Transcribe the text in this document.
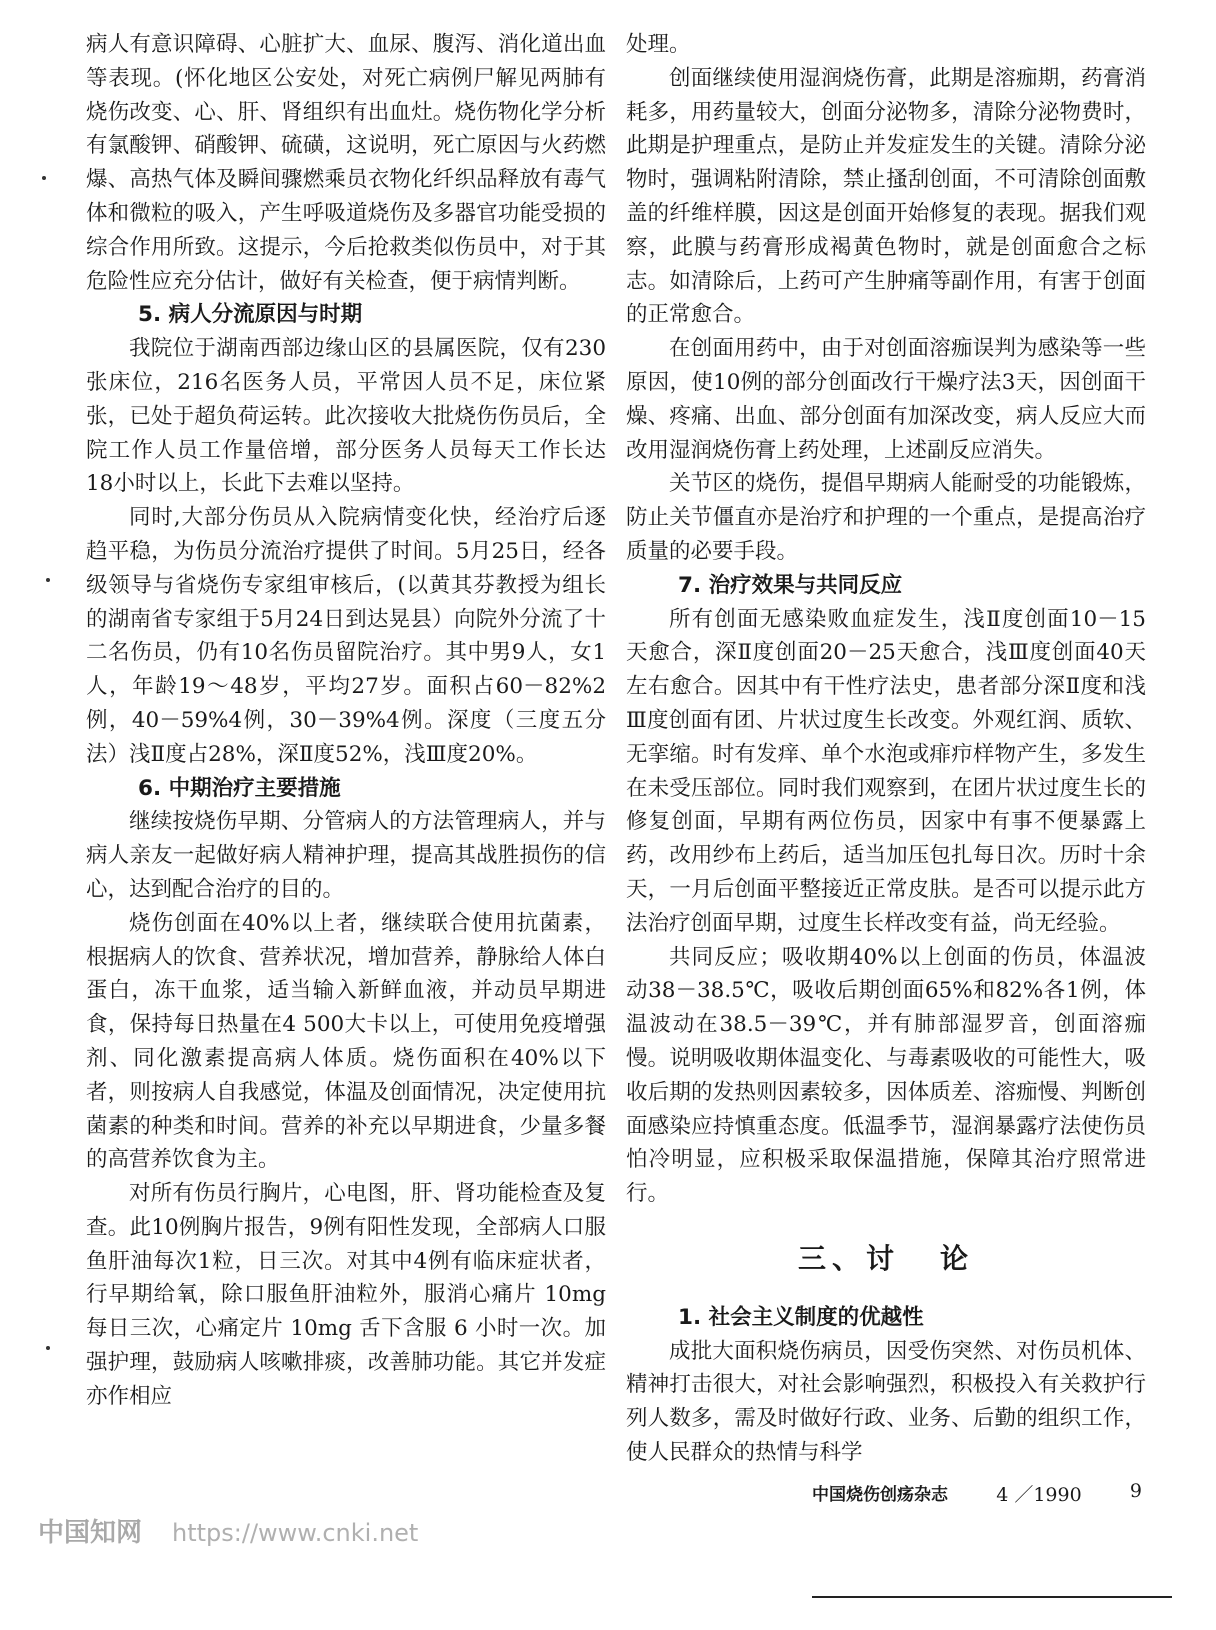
病人有意识障碍、心脏扩大、血尿、腹泻、消化道出血等表现。(怀化地区公安处，对死亡病例尸解见两肺有烧伤改变、心、肝、肾组织有出血灶。烧伤物化学分析有氯酸钾、硝酸钾、硫磺，这说明，死亡原因与火药燃爆、高热气体及瞬间骤燃乘员衣物化纤织品释放有毒气体和微粒的吸入，产生呼吸道烧伤及多器官功能受损的综合作用所致。这提示，今后抢救类似伤员中，对于其危险性应充分估计，做好有关检查，便于病情判断。

5. 病人分流原因与时期

我院位于湖南西部边缘山区的县属医院，仅有230张床位，216名医务人员，平常因人员不足，床位紧张，已处于超负荷运转。此次接收大批烧伤伤员后，全院工作人员工作量倍增，部分医务人员每天工作长达18小时以上，长此下去难以坚持。

同时,大部分伤员从入院病情变化快，经治疗后逐趋平稳，为伤员分流治疗提供了时间。5月25日，经各级领导与省烧伤专家组审核后，(以黄其芬教授为组长的湖南省专家组于5月24日到达晃县）向院外分流了十二名伤员，仍有10名伤员留院治疗。其中男9人，女1人，年龄19～48岁，平均27岁。面积占60－82%2例，40－59%4例，30－39%4例。深度（三度五分法）浅Ⅱ度占28%，深Ⅱ度52%，浅Ⅲ度20%。

6. 中期治疗主要措施

继续按烧伤早期、分管病人的方法管理病人，并与病人亲友一起做好病人精神护理，提高其战胜损伤的信心，达到配合治疗的目的。

烧伤创面在40%以上者，继续联合使用抗菌素，根据病人的饮食、营养状况，增加营养，静脉给人体白蛋白，冻干血浆，适当输入新鲜血液，并动员早期进食，保持每日热量在4 500大卡以上，可使用免疫增强剂、同化激素提高病人体质。烧伤面积在40%以下者，则按病人自我感觉，体温及创面情况，决定使用抗菌素的种类和时间。营养的补充以早期进食，少量多餐的高营养饮食为主。

对所有伤员行胸片，心电图，肝、肾功能检查及复查。此10例胸片报告，9例有阳性发现，全部病人口服鱼肝油每次1粒，日三次。对其中4例有临床症状者，行早期给氧，除口服鱼肝油粒外，服消心痛片 10mg 每日三次，心痛定片 10mg 舌下含服 6 小时一次。加强护理，鼓励病人咳嗽排痰，改善肺功能。其它并发症亦作相应

处理。

创面继续使用湿润烧伤膏，此期是溶痂期，药膏消耗多，用药量较大，创面分泌物多，清除分泌物费时，此期是护理重点，是防止并发症发生的关键。清除分泌物时，强调粘附清除，禁止搔刮创面，不可清除创面敷盖的纤维样膜，因这是创面开始修复的表现。据我们观察，此膜与药膏形成褐黄色物时，就是创面愈合之标志。如清除后，上药可产生肿痛等副作用，有害于创面的正常愈合。

在创面用药中，由于对创面溶痂误判为感染等一些原因，使10例的部分创面改行干燥疗法3天，因创面干燥、疼痛、出血、部分创面有加深改变，病人反应大而改用湿润烧伤膏上药处理，上述副反应消失。

关节区的烧伤，提倡早期病人能耐受的功能锻炼，防止关节僵直亦是治疗和护理的一个重点，是提高治疗质量的必要手段。

7. 治疗效果与共同反应

所有创面无感染败血症发生，浅Ⅱ度创面10－15天愈合，深Ⅱ度创面20－25天愈合，浅Ⅲ度创面40天左右愈合。因其中有干性疗法史，患者部分深Ⅱ度和浅Ⅲ度创面有团、片状过度生长改变。外观红润、质软、无挛缩。时有发痒、单个水泡或痱疖样物产生，多发生在未受压部位。同时我们观察到，在团片状过度生长的修复创面，早期有两位伤员，因家中有事不便暴露上药，改用纱布上药后，适当加压包扎每日次。历时十余天，一月后创面平整接近正常皮肤。是否可以提示此方法治疗创面早期，过度生长样改变有益，尚无经验。

共同反应；吸收期40%以上创面的伤员，体温波动38－38.5℃，吸收后期创面65%和82%各1例，体温波动在38.5－39℃，并有肺部湿罗音，创面溶痂慢。说明吸收期体温变化、与毒素吸收的可能性大，吸收后期的发热则因素较多，因体质差、溶痂慢、判断创面感染应持慎重态度。低温季节，湿润暴露疗法使伤员怕冷明显，应积极采取保温措施，保障其治疗照常进行。

三、讨 论
1. 社会主义制度的优越性

成批大面积烧伤病员，因受伤突然、对伤员机体、精神打击很大，对社会影响强烈，积极投入有关救护行列人数多，需及时做好行政、业务、后勤的组织工作，使人民群众的热情与科学

中国烧伤创疡杂志	4 ／1990	9
中国知网 https://www.cnki.net
